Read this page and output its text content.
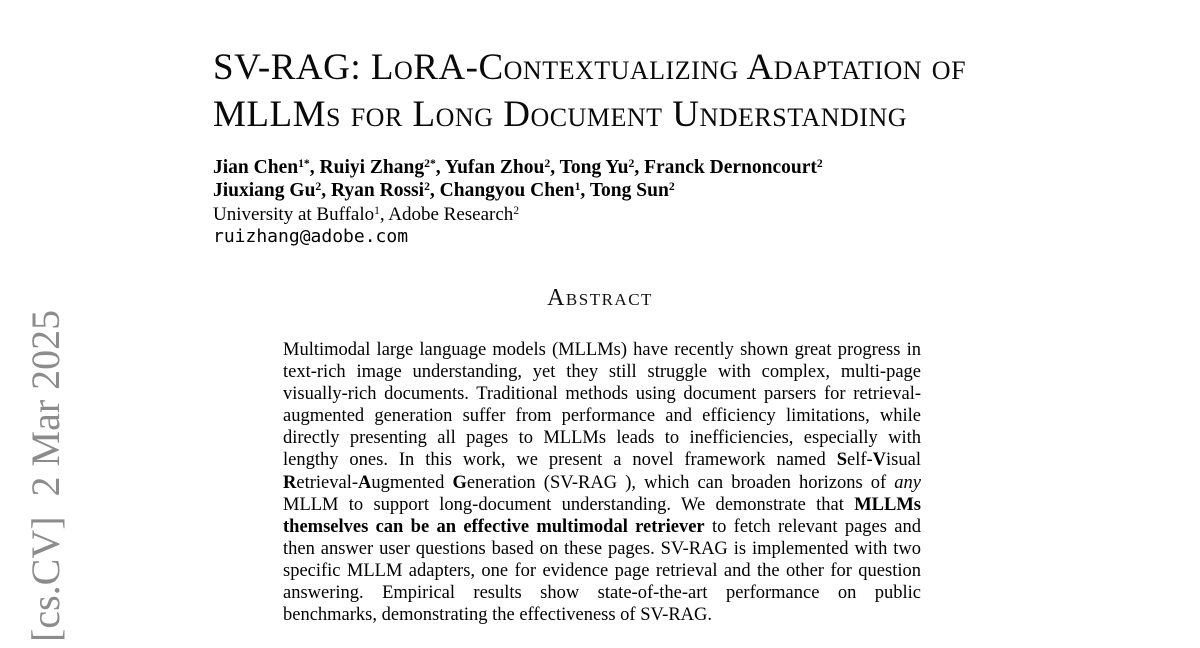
[cs.CV]  2 Mar 2025
SV-RAG: LoRA-Contextualizing Adaptation of
MLLMs for Long Document Understanding
Jian Chen$^{1*}$, Ruiyi Zhang$^{2*}$, Yufan Zhou$^2$, Tong Yu$^2$, Franck Dernoncourt$^2$
Jiuxiang Gu$^2$, Ryan Rossi$^2$, Changyou Chen$^1$, Tong Sun$^2$
University at Buffalo$^1$, Adobe Research$^2$
ruizhang@adobe.com
Abstract
Multimodal large language models (MLLMs) have recently shown great progress in text-rich image understanding, yet they still struggle with complex, multi-page visually-rich documents. Traditional methods using document parsers for retrieval-augmented generation suffer from performance and efficiency limitations, while directly presenting all pages to MLLMs leads to inefficiencies, especially with lengthy ones. In this work, we present a novel framework named Self-Visual Retrieval-Augmented Generation (SV-RAG ), which can broaden horizons of any MLLM to support long-document understanding. We demonstrate that MLLMs themselves can be an effective multimodal retriever to fetch relevant pages and then answer user questions based on these pages. SV-RAG is implemented with two specific MLLM adapters, one for evidence page retrieval and the other for question answering. Empirical results show state-of-the-art performance on public benchmarks, demonstrating the effectiveness of SV-RAG.
